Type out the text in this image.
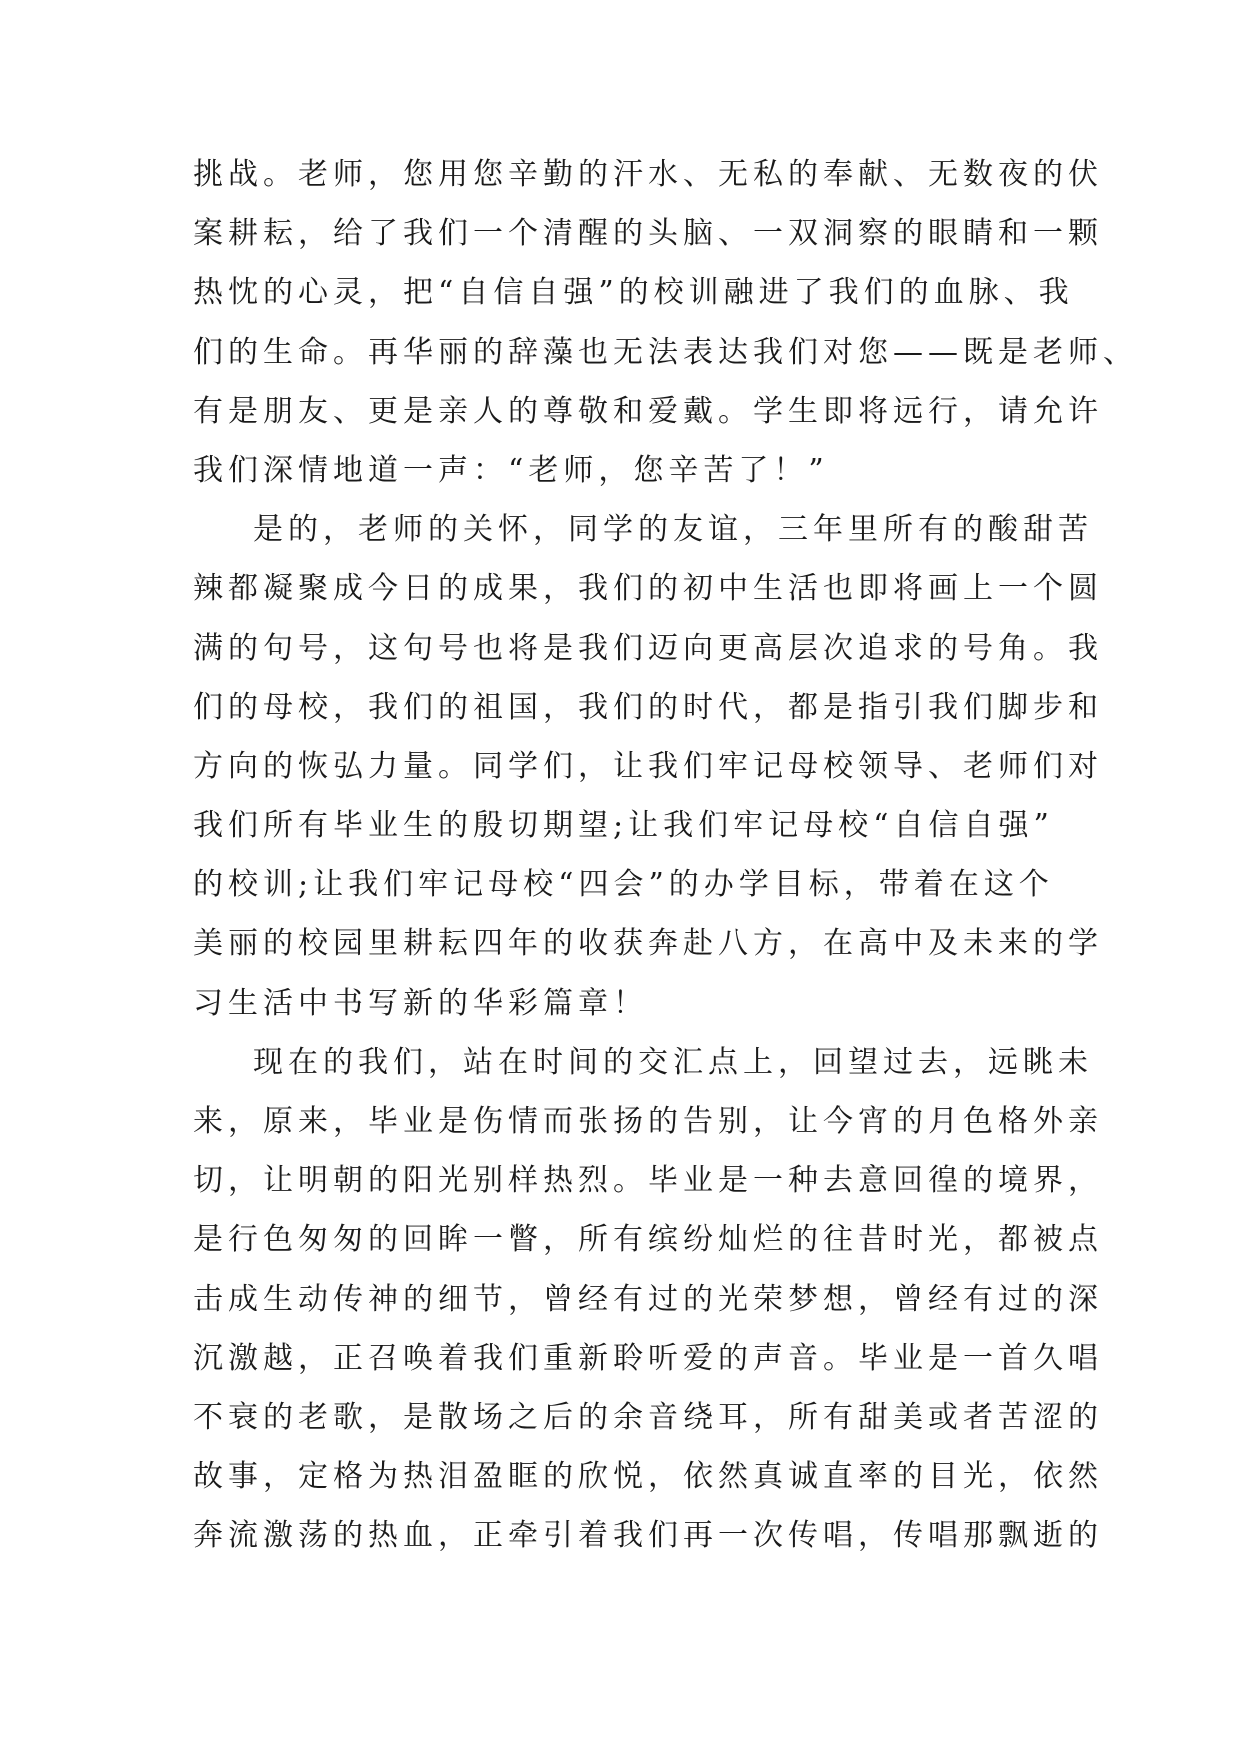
挑战。老师，您用您辛勤的汗水、无私的奉献、无数夜的伏
案耕耘，给了我们一个清醒的头脑、一双洞察的眼睛和一颗
热忱的心灵，把“自信自强”的校训融进了我们的血脉、我
们的生命。再华丽的辞藻也无法表达我们对您——既是老师、
有是朋友、更是亲人的尊敬和爱戴。学生即将远行，请允许
我们深情地道一声：“老师，您辛苦了！”
是的，老师的关怀，同学的友谊，三年里所有的酸甜苦
辣都凝聚成今日的成果，我们的初中生活也即将画上一个圆
满的句号，这句号也将是我们迈向更高层次追求的号角。我
们的母校，我们的祖国，我们的时代，都是指引我们脚步和
方向的恢弘力量。同学们，让我们牢记母校领导、老师们对
我们所有毕业生的殷切期望;让我们牢记母校“自信自强”
的校训;让我们牢记母校“四会”的办学目标，带着在这个
美丽的校园里耕耘四年的收获奔赴八方，在高中及未来的学
习生活中书写新的华彩篇章！
现在的我们，站在时间的交汇点上，回望过去，远眺未
来，原来，毕业是伤情而张扬的告别，让今宵的月色格外亲
切，让明朝的阳光别样热烈。毕业是一种去意回徨的境界，
是行色匆匆的回眸一瞥，所有缤纷灿烂的往昔时光，都被点
击成生动传神的细节，曾经有过的光荣梦想，曾经有过的深
沉激越，正召唤着我们重新聆听爱的声音。毕业是一首久唱
不衰的老歌，是散场之后的余音绕耳，所有甜美或者苦涩的
故事，定格为热泪盈眶的欣悦，依然真诚直率的目光，依然
奔流激荡的热血，正牵引着我们再一次传唱，传唱那飘逝的
